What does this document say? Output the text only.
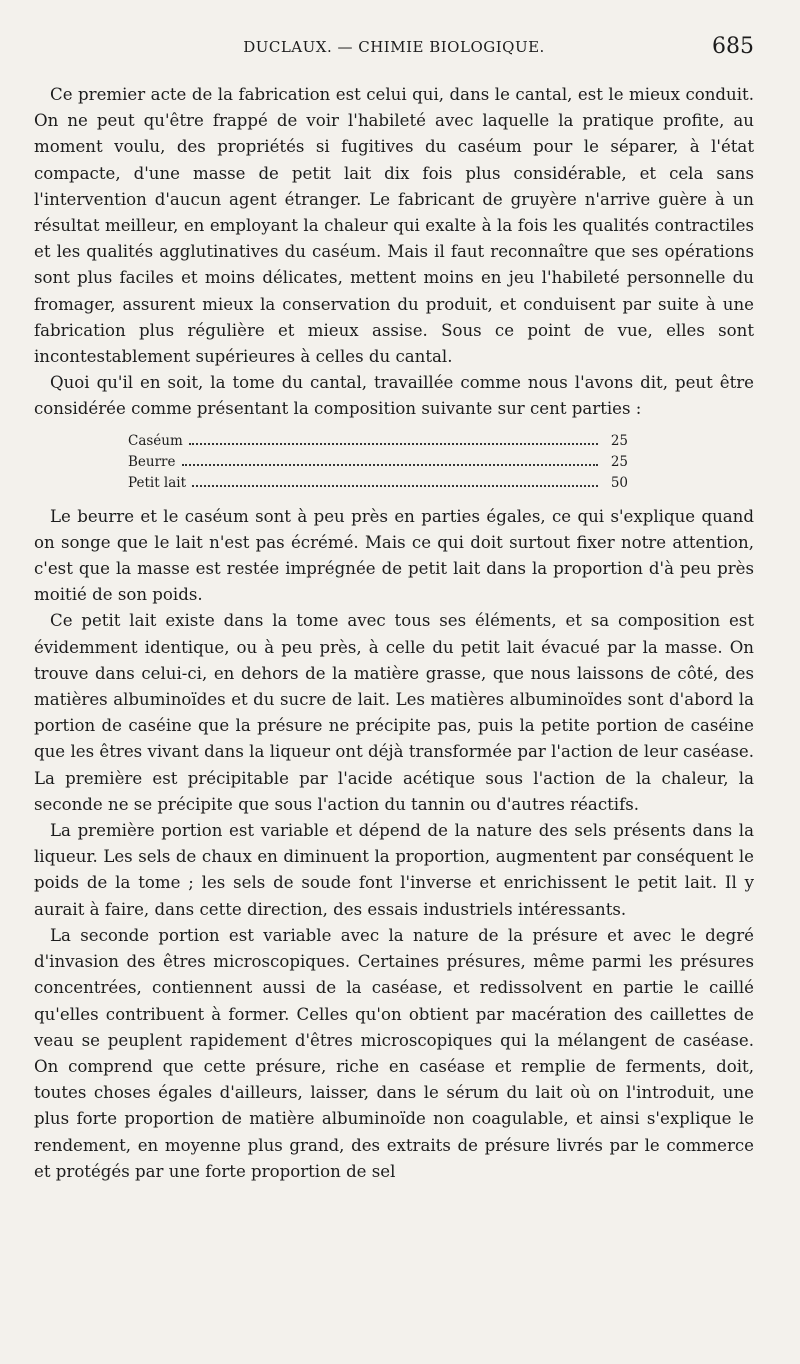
DUCLAUX. — CHIMIE BIOLOGIQUE.	685

Ce premier acte de la fabrication est celui qui, dans le cantal, est le mieux conduit. On ne peut qu'être frappé de voir l'habileté avec laquelle la pratique profite, au moment voulu, des propriétés si fugitives du caséum pour le séparer, à l'état compacte, d'une masse de petit lait dix fois plus considérable, et cela sans l'intervention d'aucun agent étranger. Le fabricant de gruyère n'arrive guère à un résultat meilleur, en employant la chaleur qui exalte à la fois les qualités contractiles et les qualités agglutinatives du caséum. Mais il faut reconnaître que ses opérations sont plus faciles et moins délicates, mettent moins en jeu l'habileté personnelle du fromager, assurent mieux la conservation du produit, et conduisent par suite à une fabrication plus régulière et mieux assise. Sous ce point de vue, elles sont incontestablement supérieures à celles du cantal.

Quoi qu'il en soit, la tome du cantal, travaillée comme nous l'avons dit, peut être considérée comme présentant la composition suivante sur cent parties :

Caséum	25
Beurre	25
Petit lait	50

Le beurre et le caséum sont à peu près en parties égales, ce qui s'explique quand on songe que le lait n'est pas écrémé. Mais ce qui doit surtout fixer notre attention, c'est que la masse est restée imprégnée de petit lait dans la proportion d'à peu près moitié de son poids.

Ce petit lait existe dans la tome avec tous ses éléments, et sa composition est évidemment identique, ou à peu près, à celle du petit lait évacué par la masse. On trouve dans celui-ci, en dehors de la matière grasse, que nous laissons de côté, des matières albuminoïdes et du sucre de lait. Les matières albuminoïdes sont d'abord la portion de caséine que la présure ne précipite pas, puis la petite portion de caséine que les êtres vivant dans la liqueur ont déjà transformée par l'action de leur caséase. La première est précipitable par l'acide acétique sous l'action de la chaleur, la seconde ne se précipite que sous l'action du tannin ou d'autres réactifs.

La première portion est variable et dépend de la nature des sels présents dans la liqueur. Les sels de chaux en diminuent la proportion, augmentent par conséquent le poids de la tome ; les sels de soude font l'inverse et enrichissent le petit lait. Il y aurait à faire, dans cette direction, des essais industriels intéressants.

La seconde portion est variable avec la nature de la présure et avec le degré d'invasion des êtres microscopiques. Certaines présures, même parmi les présures concentrées, contiennent aussi de la caséase, et redissolvent en partie le caillé qu'elles contribuent à former. Celles qu'on obtient par macération des caillettes de veau se peuplent rapidement d'êtres microscopiques qui la mélangent de caséase. On comprend que cette présure, riche en caséase et remplie de ferments, doit, toutes choses égales d'ailleurs, laisser, dans le sérum du lait où on l'introduit, une plus forte proportion de matière albuminoïde non coagulable, et ainsi s'explique le rendement, en moyenne plus grand, des extraits de présure livrés par le commerce et protégés par une forte proportion de sel
